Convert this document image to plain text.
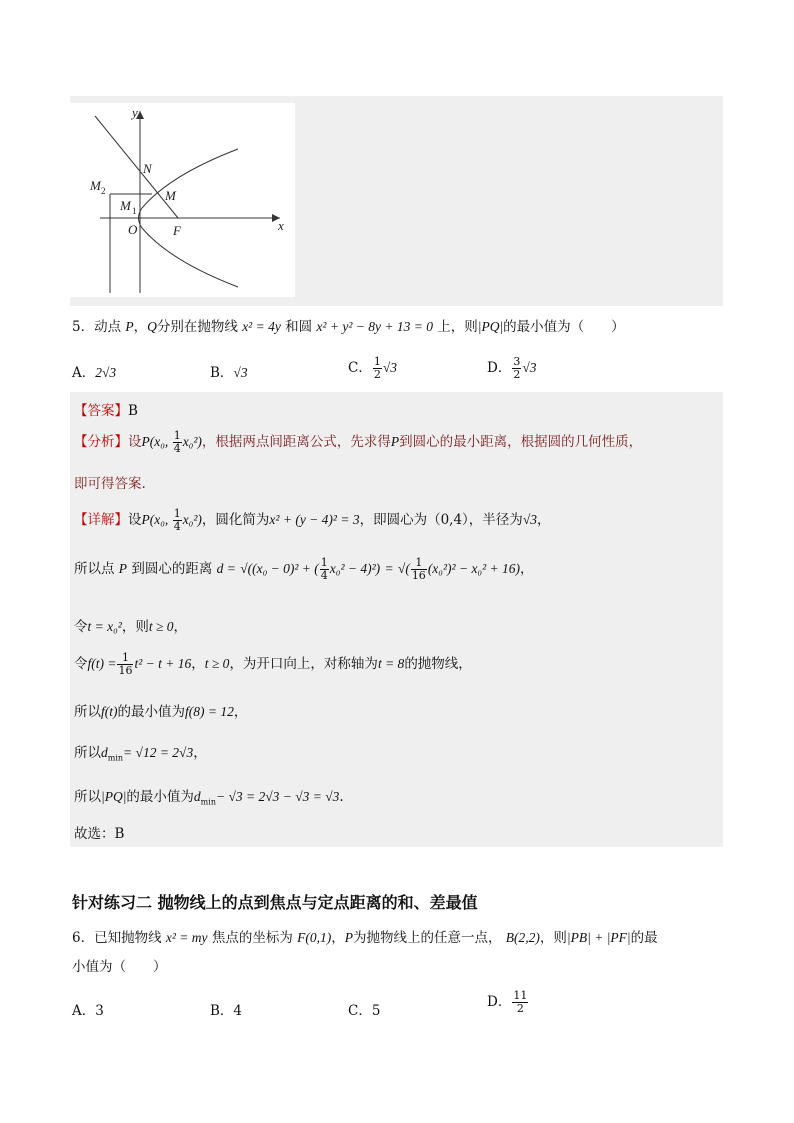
y
x
N
M
M 2
M 1
O	F
5．动点 P，Q分别在抛物线 x² = 4y 和圆 x² + y² − 8y + 13 = 0 上，则|PQ|的最小值为（　　）
A．2√3	B．√3	C． $\frac{1}{2} √3$	D． $\frac{3}{2} √3$
【答案】B
【分析】设P(x₀, $\frac{1}{4} x_0^2$)，根据两点间距离公式，先求得P到圆心的最小距离，根据圆的几何性质，
即可得答案.
【详解】设P(x₀, $\frac{1}{4} x_0^2$)，圆化简为x² + (y − 4)² = 3，即圆心为（0,4），半径为√3，
所以点 P 到圆心的距离 d = √((x₀ − 0)² + ( $\frac{1}{4} x_0^2 - 4)^2$) = √( $\frac{1}{16} (x_0^2)^2 - x_0^2 + 16$)，
令t = x₀²，则t ≥ 0，
令$f(t) = \frac{1}{16} t^2 - t + 16$，t ≥ 0，为开口向上，对称轴为t = 8的抛物线，
所以f(t)的最小值为f(8) = 12，
所以$d_{min}= √12 = 2√3$，
所以|PQ|的最小值为$d_{min}- √3 = 2√3 - √3 = √3$.
故选：B
针对练习二 抛物线上的点到焦点与定点距离的和、差最值
6．已知抛物线 x² = my 焦点的坐标为 F(0,1)，P为抛物线上的任意一点， B(2,2)，则|PB| + |PF|的最
小值为（　　）
A．3	B．4	C．5
D． $\frac{11}{2}$
